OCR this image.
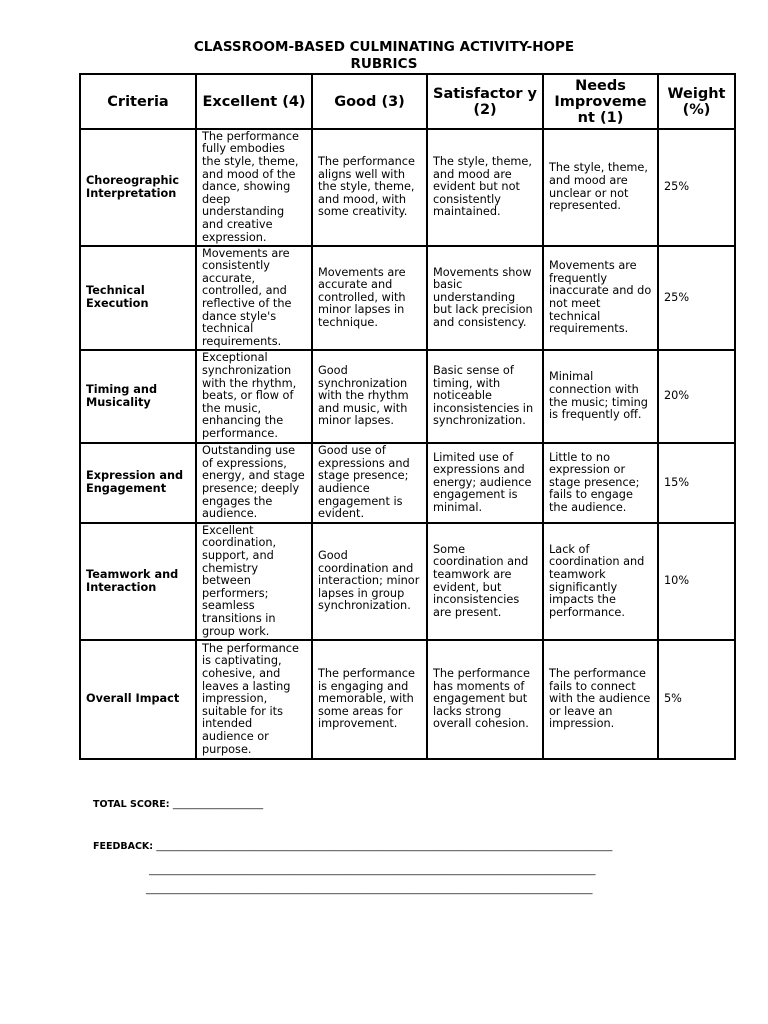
CLASSROOM-BASED CULMINATING ACTIVITY-HOPE
RUBRICS
Criteria	Excellent (4)	Good (3)	Satisfactor y (2)	Needs Improveme nt (1)	Weight (%)
Choreographic Interpretation	The performance fully embodies the style, theme, and mood of the dance, showing deep understanding and creative expression.	The performance aligns well with the style, theme, and mood, with some creativity.	The style, theme, and mood are evident but not consistently maintained.	The style, theme, and mood are unclear or not represented.	25%
Technical Execution	Movements are consistently accurate, controlled, and reflective of the dance style's technical requirements.	Movements are accurate and controlled, with minor lapses in technique.	Movements show basic understanding but lack precision and consistency.	Movements are frequently inaccurate and do not meet technical requirements.	25%
Timing and Musicality	Exceptional synchronization with the rhythm, beats, or flow of the music, enhancing the performance.	Good synchronization with the rhythm and music, with minor lapses.	Basic sense of timing, with noticeable inconsistencies in synchronization.	Minimal connection with the music; timing is frequently off.	20%
Expression and Engagement	Outstanding use of expressions, energy, and stage presence; deeply engages the audience.	Good use of expressions and stage presence; audience engagement is evident.	Limited use of expressions and energy; audience engagement is minimal.	Little to no expression or stage presence; fails to engage the audience.	15%
Teamwork and Interaction	Excellent coordination, support, and chemistry between performers; seamless transitions in group work.	Good coordination and interaction; minor lapses in group synchronization.	Some coordination and teamwork are evident, but inconsistencies are present.	Lack of coordination and teamwork significantly impacts the performance.	10%
Overall Impact	The performance is captivating, cohesive, and leaves a lasting impression, suitable for its intended audience or purpose.	The performance is engaging and memorable, with some areas for improvement.	The performance has moments of engagement but lacks strong overall cohesion.	The performance fails to connect with the audience or leave an impression.	5%
TOTAL SCORE: ___________________
FEEDBACK: ________________________________________________________________________________________________
______________________________________________________________________________________________
______________________________________________________________________________________________
